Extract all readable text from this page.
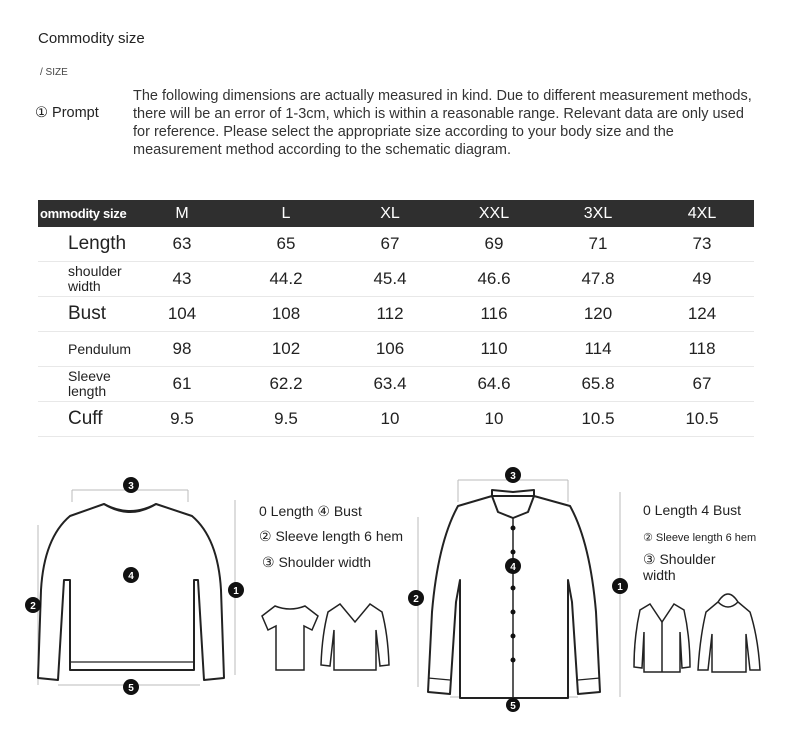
Commodity size
/ SIZE
① Prompt
The following dimensions are actually measured in kind. Due to different measurement methods, there will be an error of 1-3cm, which is within a reasonable range. Relevant data are only used for reference. Please select the appropriate size according to your body size and the measurement method according to the schematic diagram.
ommodity size	M	L	XL	XXL	3XL	4XL
Length	63	65	67	69	71	73
shoulder width	43	44.2	45.4	46.6	47.8	49
Bust	104	108	112	116	120	124
Pendulum	98	102	106	110	114	118
Sleeve length	61	62.2	63.4	64.6	65.8	67
Cuff	9.5	9.5	10	10	10.5	10.5
3
4
1
2
5
0 Length ④ Bust
② Sleeve length 6 hem
③ Shoulder width
3
4
1
2
5
0 Length 4 Bust
② Sleeve length 6 hem
③ Shoulder
width
